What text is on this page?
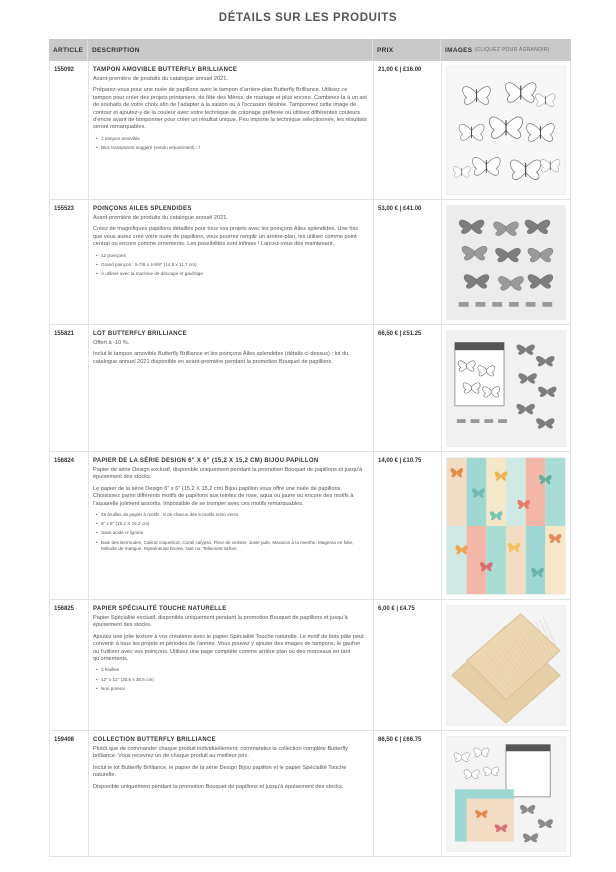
DÉTAILS SUR LES PRODUITS
ARTICLE	DESCRIPTION	PRIX	IMAGES (CLIQUEZ POUR AGRANDIR)
155092	TAMPON AMOVIBLE BUTTERFLY BRILLIANCE

Avant-première de produits du catalogue annuel 2021.

Préparez-vous pour une nuée de papillons avec le tampon d’arrière-plan Butterfly Brilliance. Utilisez ce tampon pour créer des projets printaniers, de fête des Mères, de mariage et plus encore. Combinez-la à un set de souhaits de votre choix afin de l’adapter à la saison ou à l’occasion désirée. Tamponnez cette image de contour et ajoutez-y de la couleur avec votre technique de coloriage préférée ou utilisez différentes couleurs d’encre avant de tamponner pour créer un résultat unique. Peu importe la technique sélectionnée, les résultats seront remarquables.

• 1 tampon amovible
• Bloc transparent suggéré (vendu séparément) : f
21,00 € | £16.00
155523	POINÇONS AILES SPLENDIDES

Avant-première de produits du catalogue annuel 2021.

Créez de magnifiques papillons détaillés pour tous vos projets avec les poinçons Ailes splendides. Une fois que vous aurez créé votre nuée de papillons, vous pourrez remplir un arrière-plan, les utiliser comme point central ou encore comme ornements. Les possibilités sont infinies ! Lancez-vous dès maintenant.

• 12 poinçons
• Grand poinçon : 5-7/8 x 4-5/8" (14,9 x 11,7 cm)
• À utiliser avec la machine de découpe et gaufrage
53,00 € | £41.00
155821	LOT BUTTERFLY BRILLIANCE

Offert à -10 %.

Inclut le tampon amovible Butterfly Brilliance et les poinçons Ailes splendides (détails ci-dessus) ; lot du catalogue annuel 2021 disponible en avant-première pendant la promotion Bouquet de papillons.

66,50 € | £51.25
156824	PAPIER DE LA SÉRIE DESIGN 6" X 6" (15,2 X 15,2 CM) BIJOU PAPILLON

Papier de série Design exclusif, disponible uniquement pendant la promotion Bouquet de papillons et jusqu’à épuisement des stocks.

Le papier de la série Design 6" x 6" (15,2 X 15,2 cm) Bijou papillon vous offre une nuée de papillons. Choisissez parmi différents motifs de papillons aux teintes de rose, aqua ou jaune ou encore des motifs à l’aquarelle joliment assortis. Impossible de se tromper avec ces motifs remarquables.

• 48 feuilles de papier à motifs : 8 de chacun des 6 motifs recto verso
• 6" x 6" (15,2 X 15,2 cm)
• Sans acide ni lignine
• Baie des Bermudes, Calicot coquelicot, Corail calypso, Fleur de cerisier, Juste jade, Macaron à la menthe, Magenta en folie, Mélodie de mangue, Mystérieuse brume, Noir nu, Tellement safran.
14,00 € | £10.75
156825	PAPIER SPÉCIALITÉ TOUCHE NATURELLE

Papier Spécialité exclusif, disponible uniquement pendant la promotion Bouquet de papillons et jusqu’à épuisement des stocks.

Ajoutez une jolie texture à vos créations avec le papier Spécialité Touche naturelle. Le motif de bois pâle peut convenir à tous les projets et périodes de l’année. Vous pouvez y ajouter des images de tampons, le gaufrer ou l’utiliser avec vos poinçons. Utilisez une page complète comme arrière plan ou des morceaux en tant qu’ornements.

• 2 feuilles
• 12" x 12" (30,5 x 30,5 cm)
• Non poreux
6,00 € | £4.75
159408	COLLECTION BUTTERFLY BRILLIANCE

Plutôt que de commander chaque produit individuellement, commandez la collection complète Butterfly brilliance. Vous recevrez un de chaque produit au meilleur prix.

Inclut le lot Butterfly Brilliance, le papier de la série Design Bijou papillon et le papier Spécialité Touche naturelle.

Disponible uniquement pendant la promotion Bouquet de papillons et jusqu’à épuisement des stocks.

86,50 € | £66.75
